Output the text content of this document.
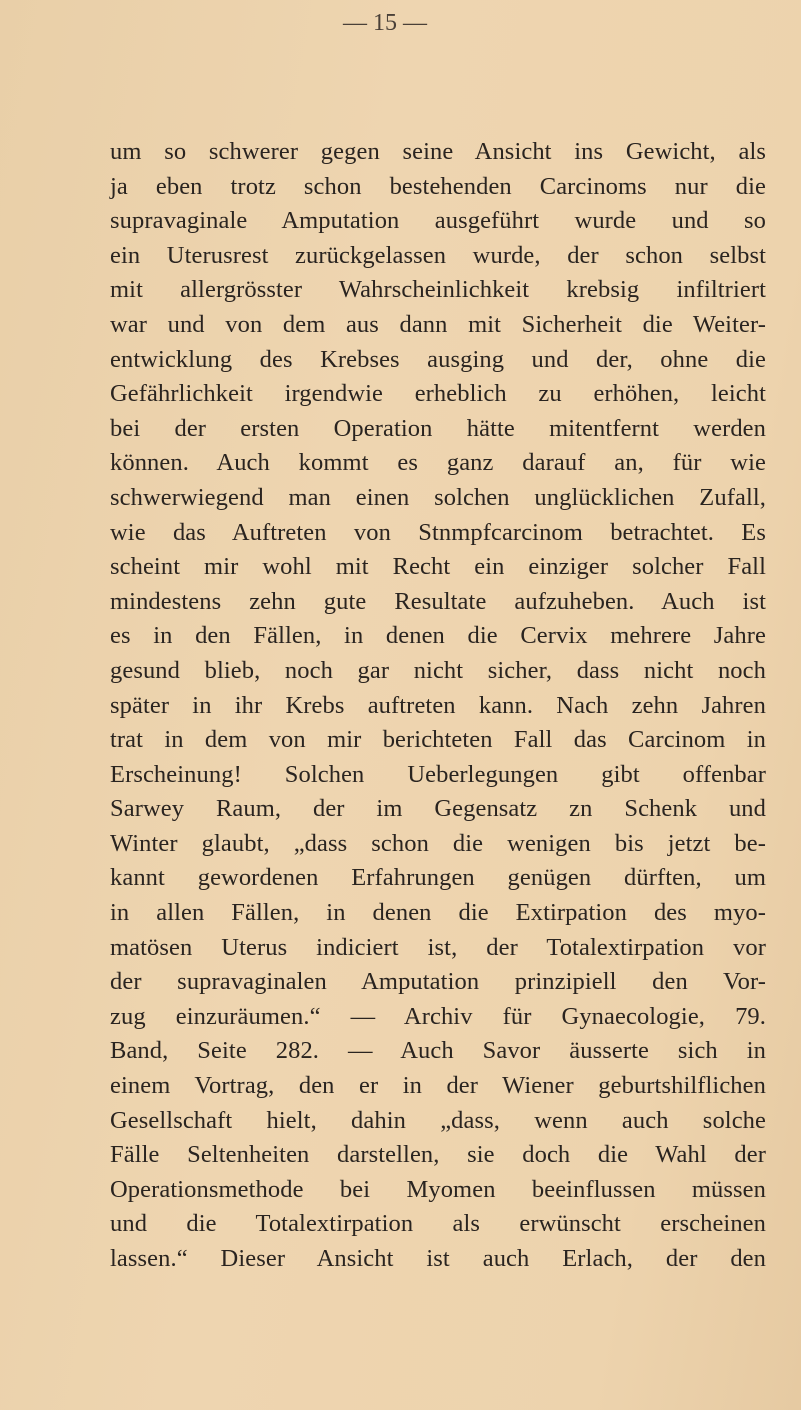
— 15 —
um so schwerer gegen seine Ansicht ins Gewicht, als
ja eben trotz schon bestehenden Carcinoms nur die
supravaginale Amputation ausgeführt wurde und so
ein Uterusrest zurückgelassen wurde, der schon selbst
mit allergrösster Wahrscheinlichkeit krebsig infiltriert
war und von dem aus dann mit Sicherheit die Weiter-
entwicklung des Krebses ausging und der, ohne die
Gefährlichkeit irgendwie erheblich zu erhöhen, leicht
bei der ersten Operation hätte mitentfernt werden
können. Auch kommt es ganz darauf an, für wie
schwerwiegend man einen solchen unglücklichen Zufall,
wie das Auftreten von Stnmpfcarcinom betrachtet. Es
scheint mir wohl mit Recht ein einziger solcher Fall
mindestens zehn gute Resultate aufzuheben. Auch ist
es in den Fällen, in denen die Cervix mehrere Jahre
gesund blieb, noch gar nicht sicher, dass nicht noch
später in ihr Krebs auftreten kann. Nach zehn Jahren
trat in dem von mir berichteten Fall das Carcinom in
Erscheinung! Solchen Ueberlegungen gibt offenbar
Sarwey Raum, der im Gegensatz zn Schenk und
Winter glaubt, „dass schon die wenigen bis jetzt be-
kannt gewordenen Erfahrungen genügen dürften, um
in allen Fällen, in denen die Extirpation des myo-
matösen Uterus indiciert ist, der Totalextirpation vor
der supravaginalen Amputation prinzipiell den Vor-
zug einzuräumen.“ — Archiv für Gynaecologie, 79.
Band, Seite 282. — Auch Savor äusserte sich in
einem Vortrag, den er in der Wiener geburtshilflichen
Gesellschaft hielt, dahin „dass, wenn auch solche
Fälle Seltenheiten darstellen, sie doch die Wahl der
Operationsmethode bei Myomen beeinflussen müssen
und die Totalextirpation als erwünscht erscheinen
lassen.“ Dieser Ansicht ist auch Erlach, der den
